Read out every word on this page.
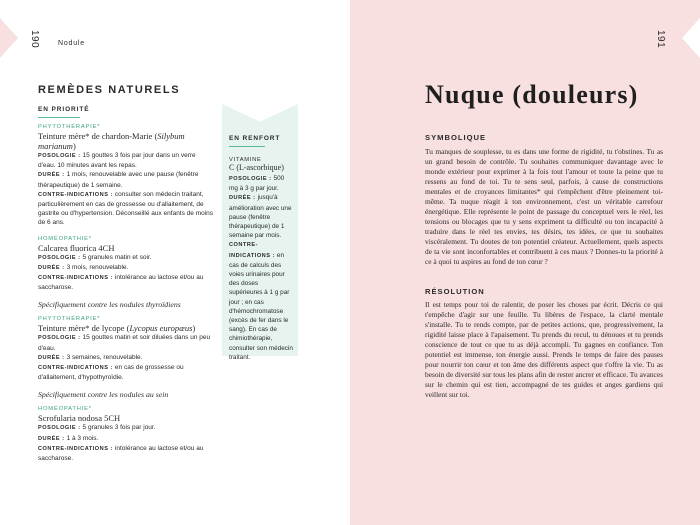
190	Nodule
REMÈDES NATURELS
EN PRIORITÉ
PHYTOTHÉRAPIE*
Teinture mère* de chardon-Marie (Silybum marianum)
POSOLOGIE : 15 gouttes 3 fois par jour dans un verre d'eau. 10 minutes avant les repas.
DURÉE : 1 mois, renouvelable avec une pause (fenêtre thérapeutique) de 1 semaine.
CONTRE-INDICATIONS : consulter son médecin traitant, particulièrement en cas de grossesse ou d'allaitement, de gastrite ou d'hypertension. Déconseillé aux enfants de moins de 6 ans.
HOMÉOPATHIE*
Calcarea fluorica 4CH
POSOLOGIE : 5 granules matin et soir.
DURÉE : 3 mois, renouvelable.
CONTRE-INDICATIONS : intolérance au lactose et/ou au saccharose.
Spécifiquement contre les nodules thyroïdiens
PHYTOTHÉRAPIE*
Teinture mère* de lycope (Lycopus europæus)
POSOLOGIE : 15 gouttes matin et soir diluées dans un peu d'eau.
DURÉE : 3 semaines, renouvelable.
CONTRE-INDICATIONS : en cas de grossesse ou d'allaitement, d'hypothyroïdie.
Spécifiquement contre les nodules au sein
HOMÉOPATHIE*
Scrofularia nodosa 5CH
POSOLOGIE : 5 granules 3 fois par jour.
DURÉE : 1 à 3 mois.
CONTRE-INDICATIONS : intolérance au lactose et/ou au saccharose.
EN RENFORT
VITAMINE
C (L-ascorbique)
POSOLOGIE : 500 mg à 3 g par jour.
DURÉE : jusqu'à amélioration avec une pause (fenêtre thérapeutique) de 1 semaine par mois.
CONTRE-INDICATIONS : en cas de calculs des voies urinaires pour des doses supérieures à 1 g par jour ; en cas d'hémochromatose (excès de fer dans le sang). En cas de chimiothérapie, consulter son médecin traitant.
191
Nuque (douleurs)
SYMBOLIQUE
Tu manques de souplesse, tu es dans une forme de rigidité, tu t'obstines. Tu as un grand besoin de contrôle. Tu souhaites communiquer davantage avec le monde extérieur pour exprimer à la fois tout l'amour et toute la peine que tu ressens au fond de toi. Tu te sens seul, parfois, à cause de constructions mentales et de croyances limitantes* qui t'empêchent d'être pleinement toi-même. Ta nuque réagit à ton environnement, c'est un véritable carrefour énergétique. Elle représente le point de passage du conceptuel vers le réel, les tensions ou blocages que tu y sens expriment ta difficulté ou ton incapacité à traduire dans le réel tes envies, tes désirs, tes idées, ce que tu souhaites viscéralement. Tu doutes de ton potentiel créateur. Actuellement, quels aspects de ta vie sont inconfortables et contribuent à ces maux ? Donnes-tu la priorité à ce à quoi tu aspires au fond de ton cœur ?
RÉSOLUTION
Il est temps pour toi de ralentir, de poser les choses par écrit. Décris ce qui t'empêche d'agir sur une feuille. Tu libères de l'espace, la clarté mentale s'installe. Tu te rends compte, par de petites actions, que, progressivement, la rigidité laisse place à l'apaisement. Tu prends du recul, tu dénoues et tu prends conscience de tout ce que tu as déjà accompli. Tu gagnes en confiance. Ton potentiel est immense, ton énergie aussi. Prends le temps de faire des pauses pour nourrir ton cœur et ton âme des différents aspect que t'offre la vie. Tu as besoin de diversité sur tous les plans afin de rester ancrer et efficace. Tu avances sur le chemin qui est tien, accompagné de tes guides et anges gardiens qui veillent sur toi.
